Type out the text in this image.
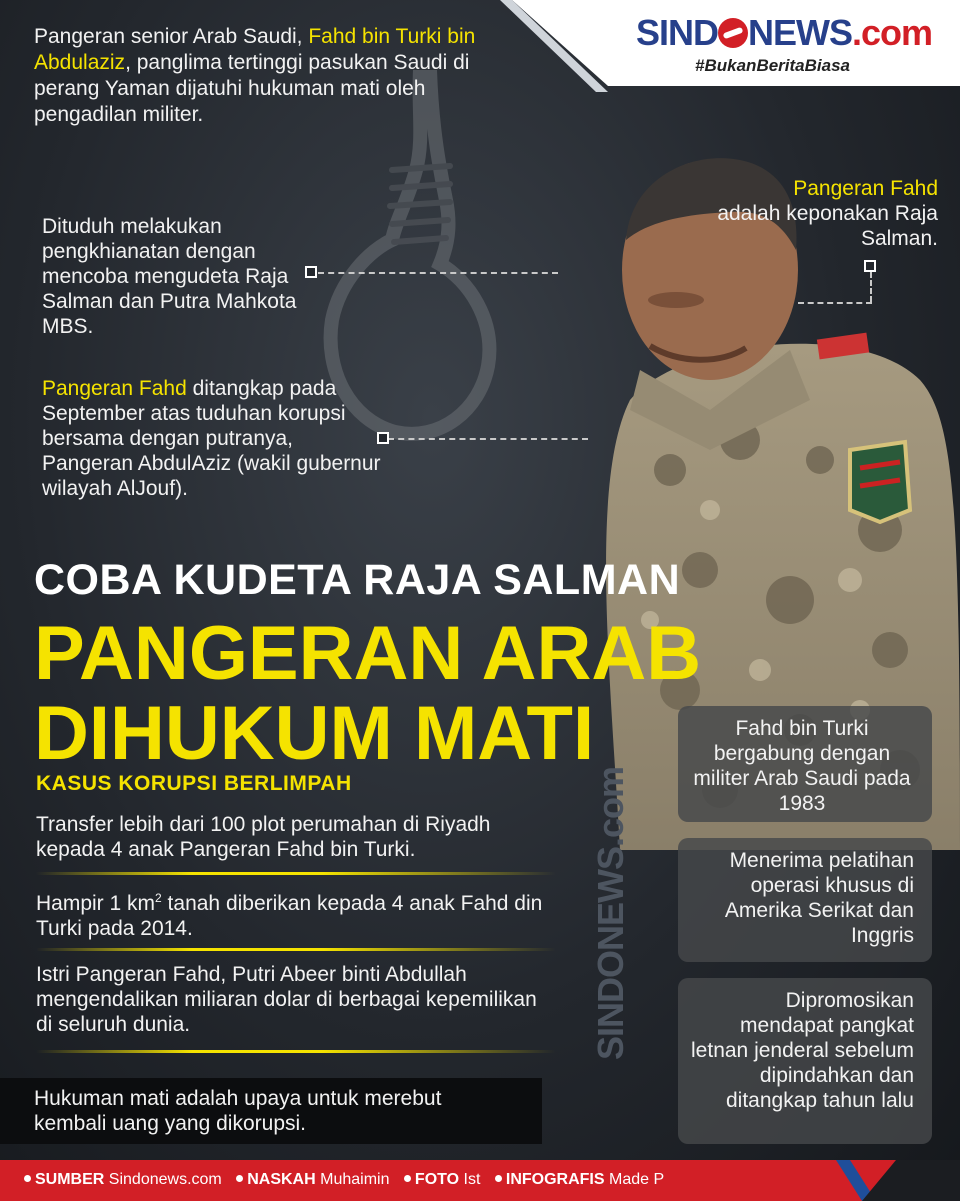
SIND NEWS.com
#BukanBeritaBiasa
Pangeran senior Arab Saudi, Fahd bin Turki bin Abdulaziz, panglima tertinggi pasukan Saudi di perang Yaman dijatuhi hukuman mati oleh pengadilan militer.
Dituduh melakukan pengkhianatan dengan mencoba mengudeta Raja Salman dan Putra Mahkota MBS.
Pangeran Fahd ditangkap pada September atas tuduhan korupsi bersama dengan putranya, Pangeran AbdulAziz (wakil gubernur wilayah AlJouf).
Pangeran Fahd
adalah keponakan Raja Salman.
COBA KUDETA RAJA SALMAN
PANGERAN ARAB
DIHUKUM MATI
KASUS KORUPSI BERLIMPAH
Transfer lebih dari 100 plot perumahan di Riyadh kepada 4 anak Pangeran Fahd bin Turki.
Hampir 1 $km^2$ tanah diberikan kepada 4 anak Fahd din Turki pada 2014.
Istri Pangeran Fahd, Putri Abeer binti Abdullah mengendalikan miliaran dolar di berbagai kepemilikan di seluruh dunia.	SINDONEWS.com
Hukuman mati adalah upaya untuk merebut kembali uang yang dikorupsi.
Fahd bin Turki bergabung dengan militer Arab Saudi pada 1983
Menerima pelatihan operasi khusus di Amerika Serikat dan Inggris
Dipromosikan mendapat pangkat letnan jenderal sebelum dipindahkan dan ditangkap tahun lalu
SUMBER Sindonews.com NASKAH Muhaimin FOTO Ist INFOGRAFIS Made P
